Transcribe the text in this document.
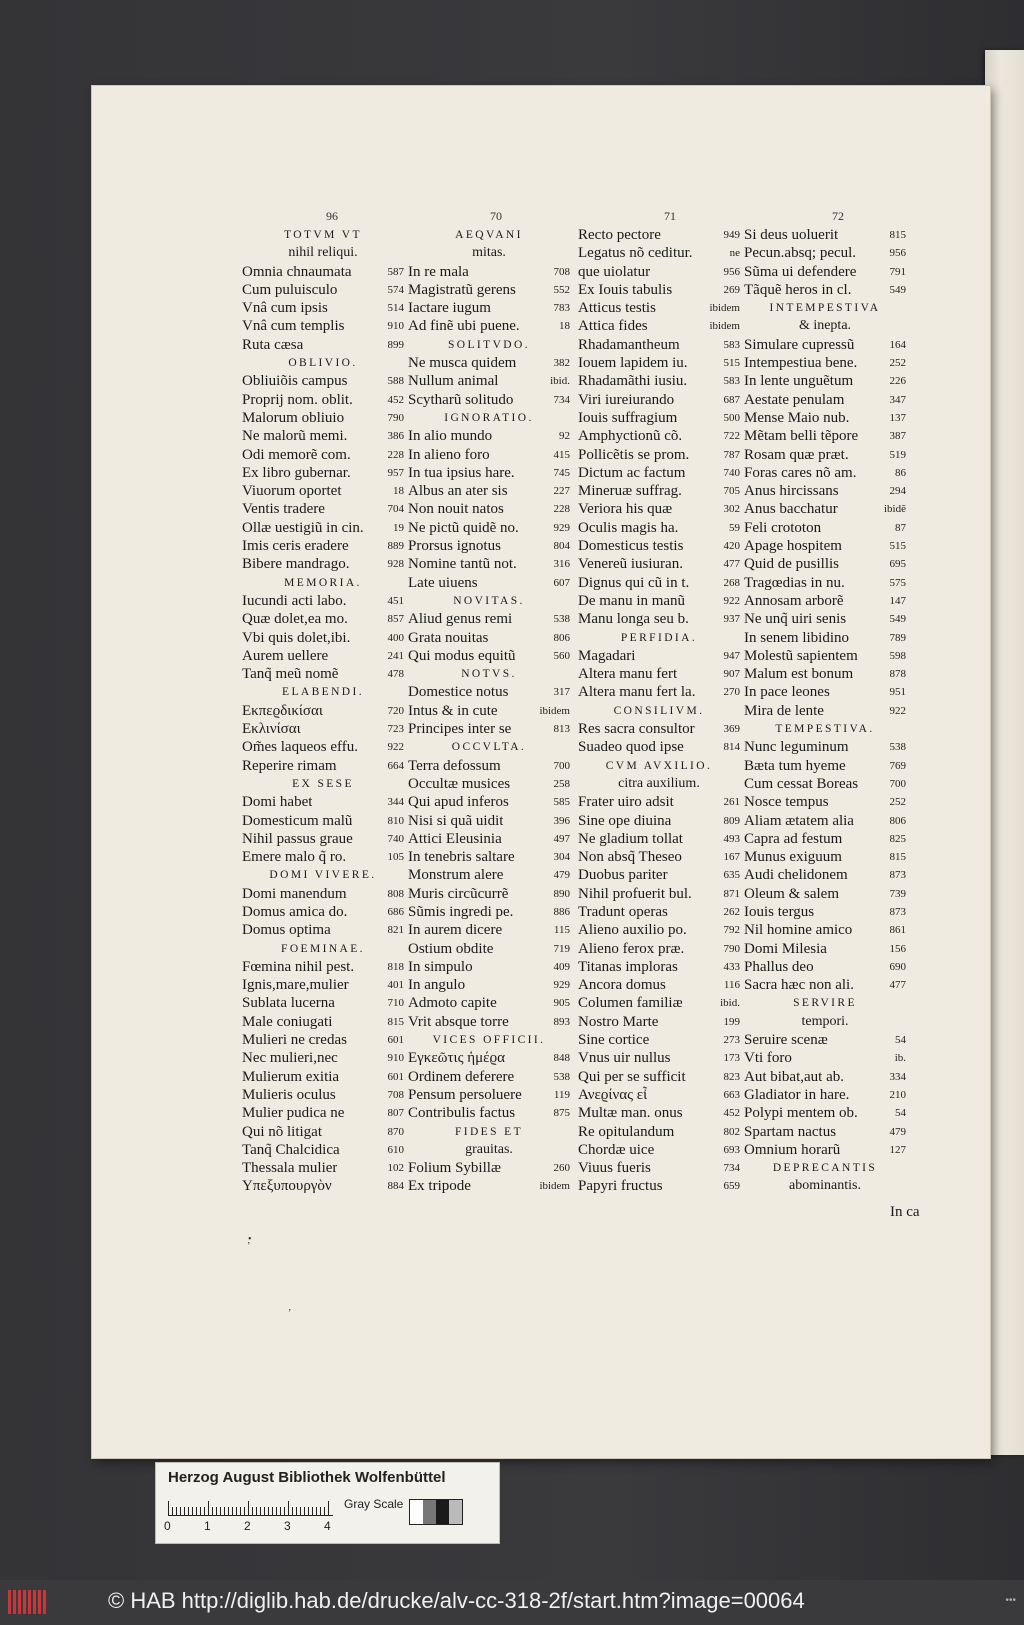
96	70	71	72
TOTVM VT
nihil reliqui.
Omnia chnaumata	587
Cum puluisculo	574
Vnâ cum ipsis	514
Vnâ cum templis	910
Ruta cæsa	899
OBLIVIO.
Obliuiõis campus	588
Proprij nom. oblit.	452
Malorum obliuio	790
Ne malorũ memi.	386
Odi memorẽ com.	228
Ex libro gubernar.	957
Viuorum oportet	18
Ventis tradere	704
Ollæ uestigiũ in cin.	19
Imis ceris eradere	889
Bibere mandrago.	928
MEMORIA.
Iucundi acti labo.	451
Quæ dolet,ea mo.	857
Vbi quis dolet,ibi.	400
Aurem uellere	241
Tanq̃ meũ nomẽ	478
ELABENDI.
Εκπεϱδικίσαι	720
Εκλινίσαι	723
Om̃es laqueos effu.	922
Reperire rimam	664
EX SESE
Domi habet	344
Domesticum malũ	810
Nihil passus graue	740
Emere malo q̃ ro.	105
DOMI VIVERE.
Domi manendum	808
Domus amica do.	686
Domus optima	821
FOEMINAE.
Fœmina nihil pest.	818
Ignis,mare,mulier	401
Sublata lucerna	710
Male coniugati	815
Mulieri ne credas	601
Nec mulieri,nec	910
Mulierum exitia	601
Mulieris oculus	708
Mulier pudica ne	807
Qui nõ litigat	870
Tanq̃ Chalcidica	610
Thessala mulier	102
Υπεξυπουργὸν	884
AEQVANI
mitas.
In re mala	708
Magistratũ gerens	552
Iactare iugum	783
Ad finẽ ubi puene.	18
SOLITVDO.
Ne musca quidem	382
Nullum animal	ibid.
Scytharũ solitudo	734
IGNORATIO.
In alio mundo	92
In alieno foro	415
In tua ipsius hare.	745
Albus an ater sis	227
Non nouit natos	228
Ne pictũ quidẽ no.	929
Prorsus ignotus	804
Nomine tantũ not.	316
Late uiuens	607
NOVITAS.
Aliud genus remi	538
Grata nouitas	806
Qui modus equitũ	560
NOTVS.
Domestice notus	317
Intus & in cute	ibidem
Principes inter se	813
OCCVLTA.
Terra defossum	700
Occultæ musices	258
Qui apud inferos	585
Nisi si quã uidit	396
Attici Eleusinia	497
In tenebris saltare	304
Monstrum alere	479
Muris circũcurrẽ	890
Sũmis ingredi pe.	886
In aurem dicere	115
Ostium obdite	719
In simpulo	409
In angulo	929
Admoto capite	905
Vrit absque torre	893
VICES OFFICII.
Εγκεῶτις ἡμέϱα	848
Ordinem deferere	538
Pensum persoluere	119
Contribulis factus	875
FIDES ET
grauitas.
Folium Sybillæ	260
Ex tripode	ibidem
Recto pectore	949
Legatus nõ ceditur.	ne
que uiolatur	956
Ex Iouis tabulis	269
Atticus testis	ibidem
Attica fides	ibidem
Rhadamantheum	583
Iouem lapidem iu.	515
Rhadamãthi iusiu.	583
Viri iureiurando	687
Iouis suffragium	500
Amphyctionũ cõ.	722
Pollicẽtis se prom.	787
Dictum ac factum	740
Mineruæ suffrag.	705
Veriora his quæ	302
Oculis magis ha.	59
Domesticus testis	420
Venereũ iusiuran.	477
Dignus qui cũ in t.	268
De manu in manũ	922
Manu longa seu b.	937
PERFIDIA.
Magadari	947
Altera manu fert	907
Altera manu fert la.	270
CONSILIVM.
Res sacra consultor	369
Suadeo quod ipse	814
CVM AVXILIO.
citra auxilium.
Frater uiro adsit	261
Sine ope diuina	809
Ne gladium tollat	493
Non absq̃ Theseo	167
Duobus pariter	635
Nihil profuerit bul.	871
Tradunt operas	262
Alieno auxilio po.	792
Alieno ferox præ.	790
Titanas imploras	433
Ancora domus	116
Columen familiæ	ibid.
Nostro Marte	199
Sine cortice	273
Vnus uir nullus	173
Qui per se sufficit	823
Ανεϱίνας εἶ	663
Multæ man. onus	452
Re opitulandum	802
Chordæ uice	693
Viuus fueris	734
Papyri fructus	659
Si deus uoluerit	815
Pecun.absq; pecul.	956
Sũma ui defendere	791
Tãquẽ heros in cl.	549
INTEMPESTIVA
& inepta.
Simulare cupressũ	164
Intempestiua bene.	252
In lente unguẽtum	226
Aestate penulam	347
Mense Maio nub.	137
Mẽtam belli tẽpore	387
Rosam quæ præt.	519
Foras cares nõ am.	86
Anus hircissans	294
Anus bacchatur	ibidẽ
Feli crototon	87
Apage hospitem	515
Quid de pusillis	695
Tragœdias in nu.	575
Annosam arborẽ	147
Ne unq̃ uiri senis	549
In senem libidino	789
Molestũ sapientem	598
Malum est bonum	878
In pace leones	951
Mira de lente	922
TEMPESTIVA.
Nunc leguminum	538
Bæta tum hyeme	769
Cum cessat Boreas	700
Nosce tempus	252
Aliam ætatem alia	806
Capra ad festum	825
Munus exiguum	815
Audi chelidonem	873
Oleum & salem	739
Iouis tergus	873
Nil homine amico	861
Domi Milesia	156
Phallus deo	690
Sacra hæc non ali.	477
SERVIRE
tempori.
Seruire scenæ	54
Vti foro	ib.
Aut bibat,aut ab.	334
Gladiator in hare.	210
Polypi mentem ob.	54
Spartam nactus	479
Omnium horarũ	127
DEPRECANTIS
abominantis.
In ca
•
ʼ
ʼ
Herzog August Bibliothek Wolfenbüttel
Gray Scale
0	1	2	3	4
© HAB http://diglib.hab.de/drucke/alv-cc-318-2f/start.htm?image=00064	•••
